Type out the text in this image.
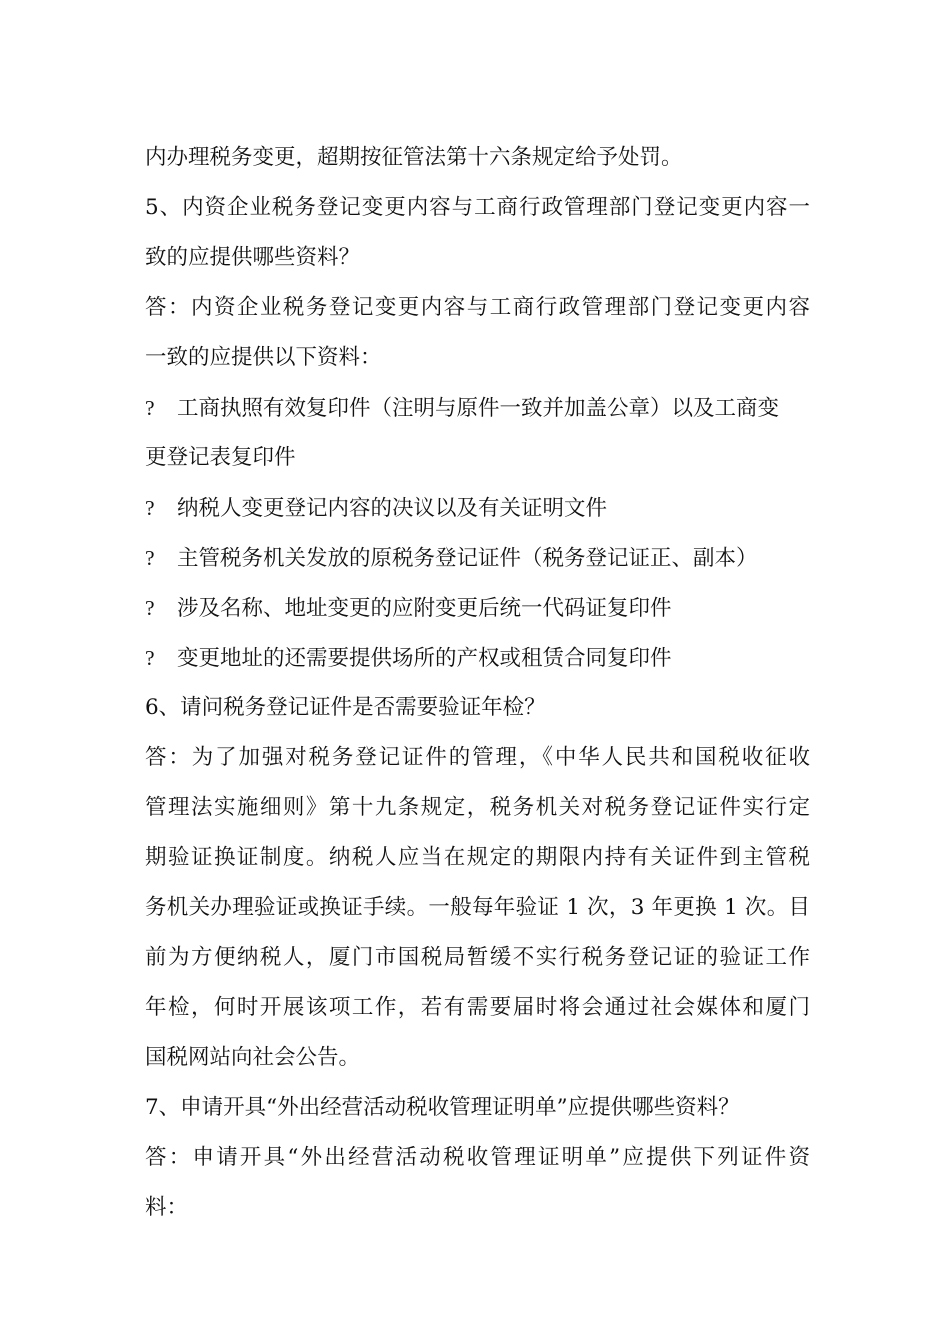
内办理税务变更，超期按征管法第十六条规定给予处罚。
5、内资企业税务登记变更内容与工商行政管理部门登记变更内容一
致的应提供哪些资料？
答：内资企业税务登记变更内容与工商行政管理部门登记变更内容
一致的应提供以下资料：
? 工商执照有效复印件（注明与原件一致并加盖公章）以及工商变
更登记表复印件
? 纳税人变更登记内容的决议以及有关证明文件
? 主管税务机关发放的原税务登记证件（税务登记证正、副本）
? 涉及名称、地址变更的应附变更后统一代码证复印件
? 变更地址的还需要提供场所的产权或租赁合同复印件
6、请问税务登记证件是否需要验证年检？
答：为了加强对税务登记证件的管理，《中华人民共和国税收征收
管理法实施细则》第十九条规定，税务机关对税务登记证件实行定
期验证换证制度。纳税人应当在规定的期限内持有关证件到主管税
务机关办理验证或换证手续。一般每年验证 1 次，3 年更换 1 次。目
前为方便纳税人，厦门市国税局暂缓不实行税务登记证的验证工作
年检，何时开展该项工作，若有需要届时将会通过社会媒体和厦门
国税网站向社会公告。
7、申请开具“外出经营活动税收管理证明单”应提供哪些资料？
答：申请开具“外出经营活动税收管理证明单”应提供下列证件资
料：
